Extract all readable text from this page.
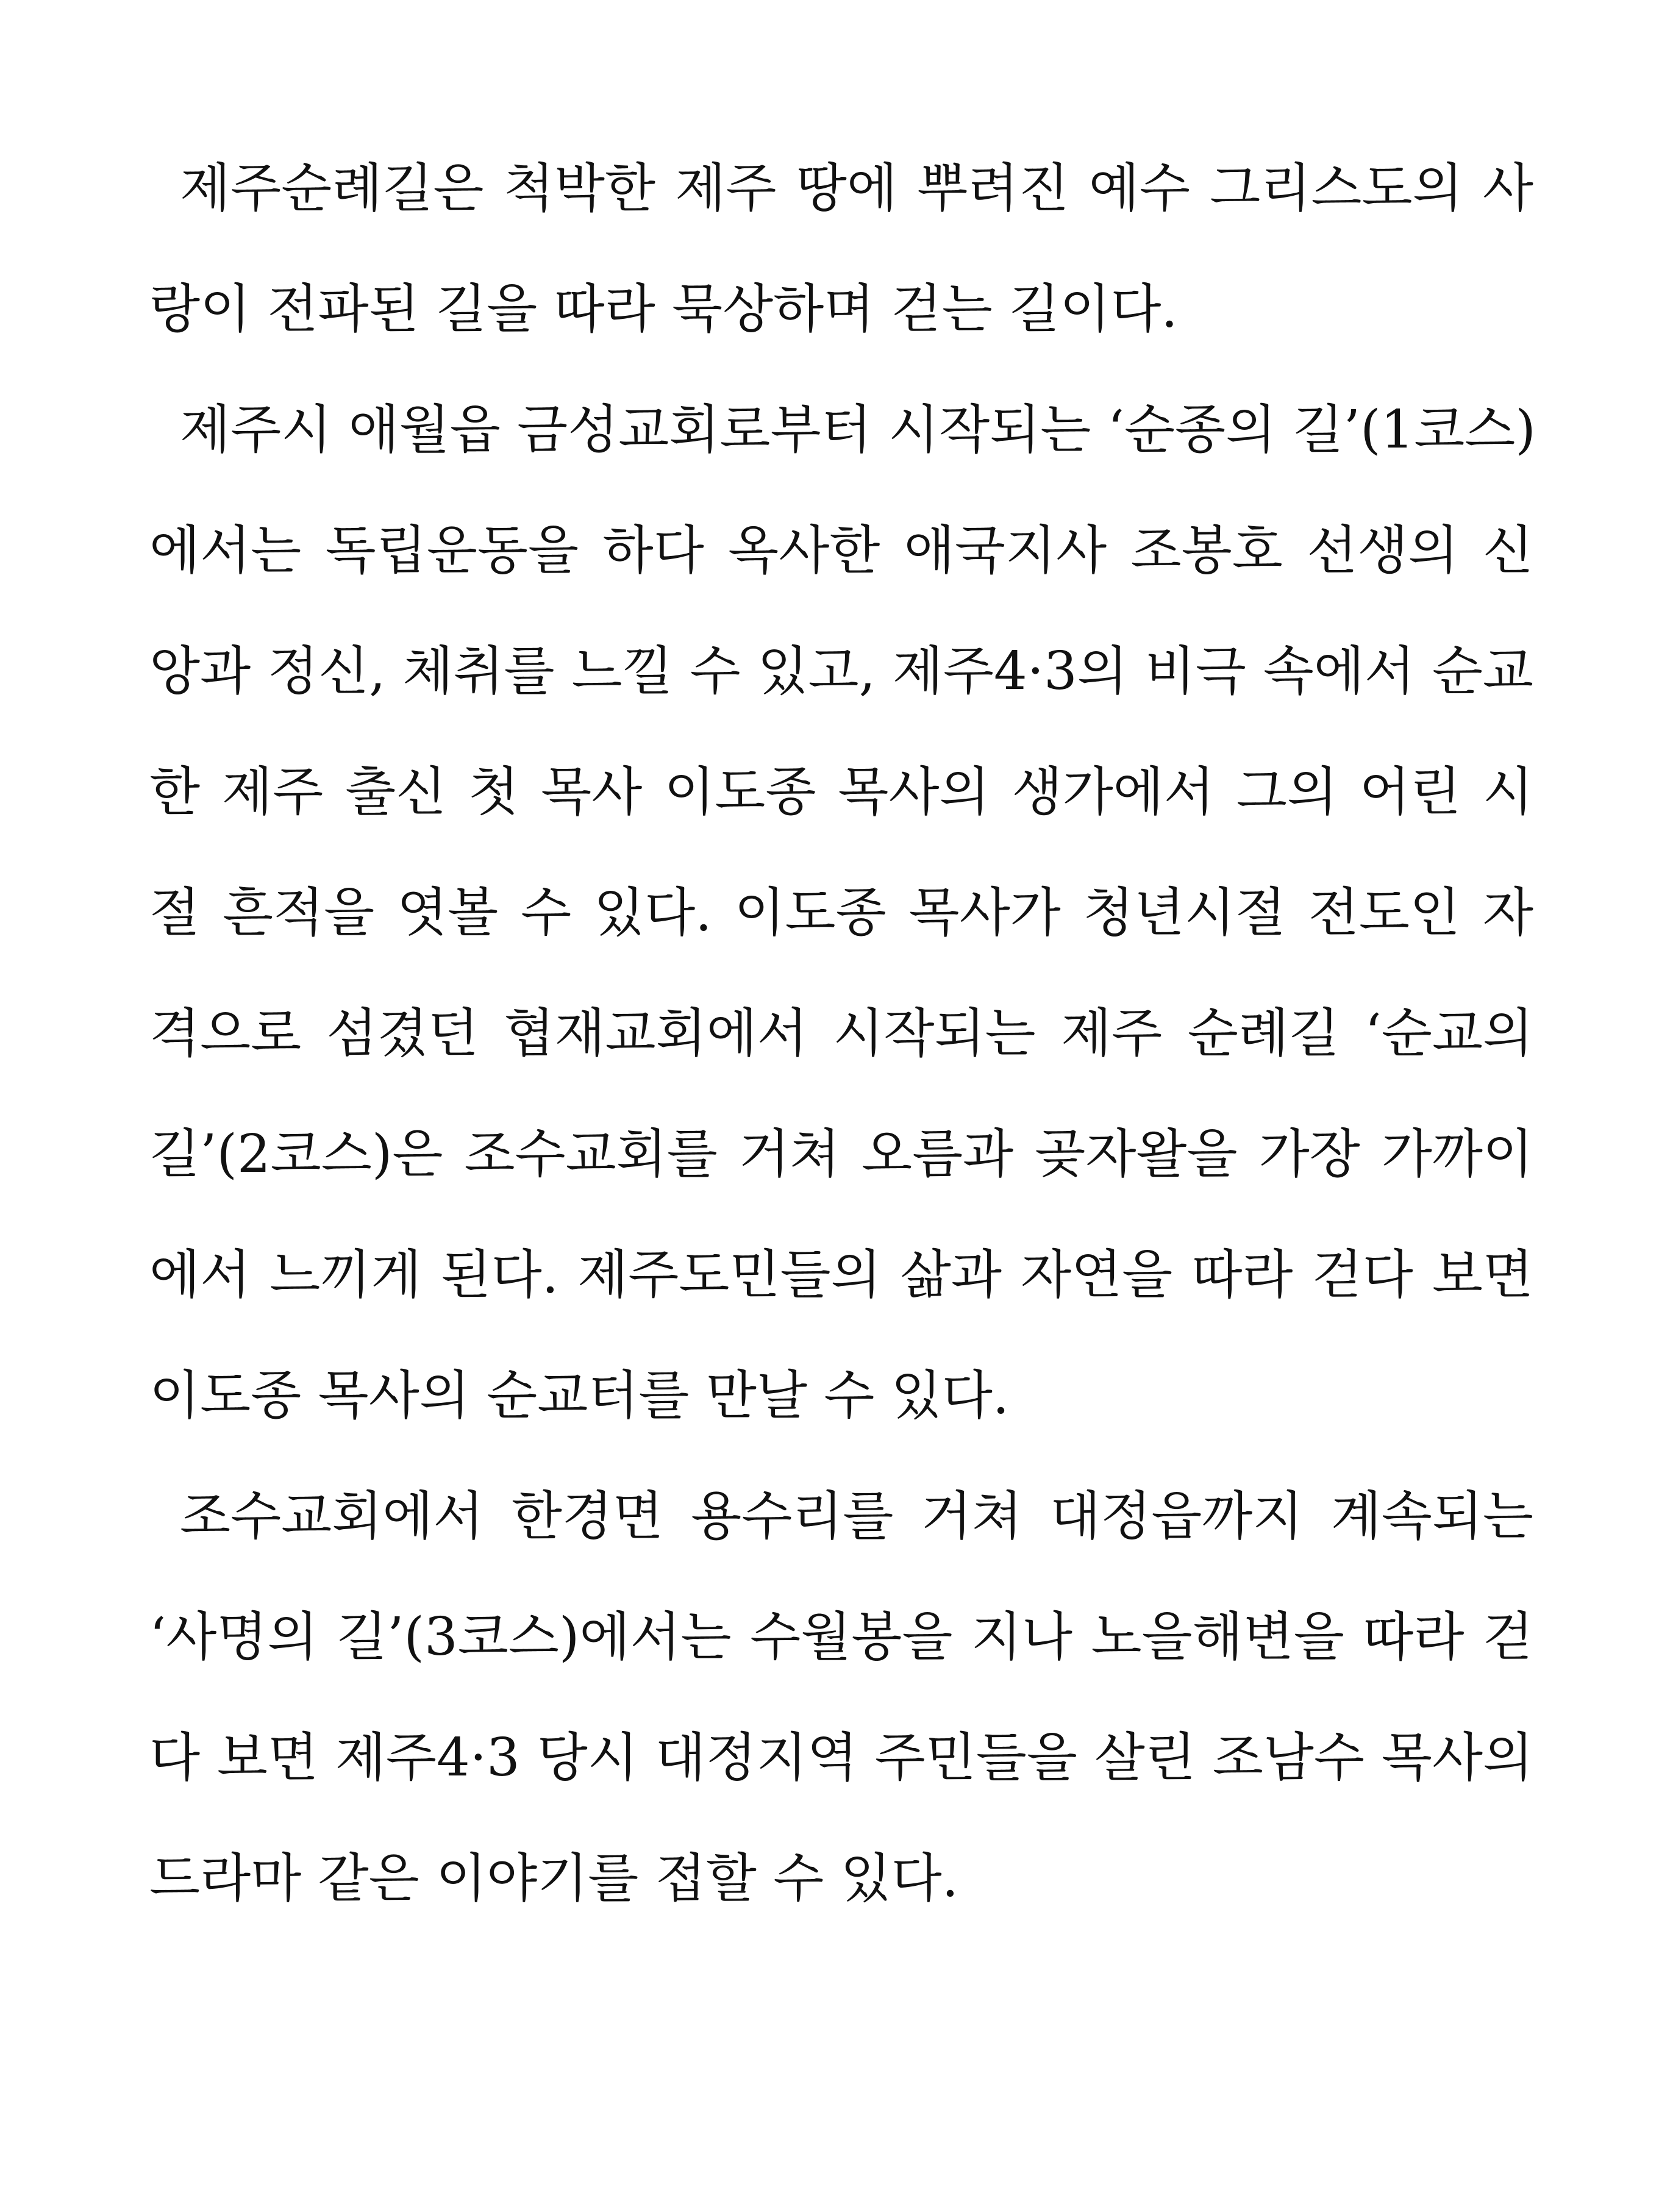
제주순례길은 척박한 제주 땅에 뿌려진 예수 그리스도의 사
랑이 전파된 길을 따라 묵상하며 걷는 길이다.
제주시 애월읍 금성교회로부터 시작되는 ‘순종의 길’(1코스)
에서는 독립운동을 하다 옥사한 애국지사 조봉호 선생의 신
앙과 정신, 체취를 느낄 수 있고, 제주4·3의 비극 속에서 순교
한 제주 출신 첫 목사 이도종 목사의 생가에서 그의 어린 시
절 흔적을 엿볼 수 있다. 이도종 목사가 청년시절 전도인 자
격으로 섬겼던 협재교회에서 시작되는 제주 순례길 ‘순교의
길’(2코스)은 조수교회를 거쳐 오름과 곶자왈을 가장 가까이
에서 느끼게 된다. 제주도민들의 삶과 자연을 따라 걷다 보면
이도종 목사의 순교터를 만날 수 있다.
조수교회에서 한경면 용수리를 거쳐 대정읍까지 계속되는
‘사명의 길’(3코스)에서는 수월봉을 지나 노을해변을 따라 걷
다 보면 제주4·3 당시 대정지역 주민들을 살린 조남수 목사의
드라마 같은 이야기를 접할 수 있다.
